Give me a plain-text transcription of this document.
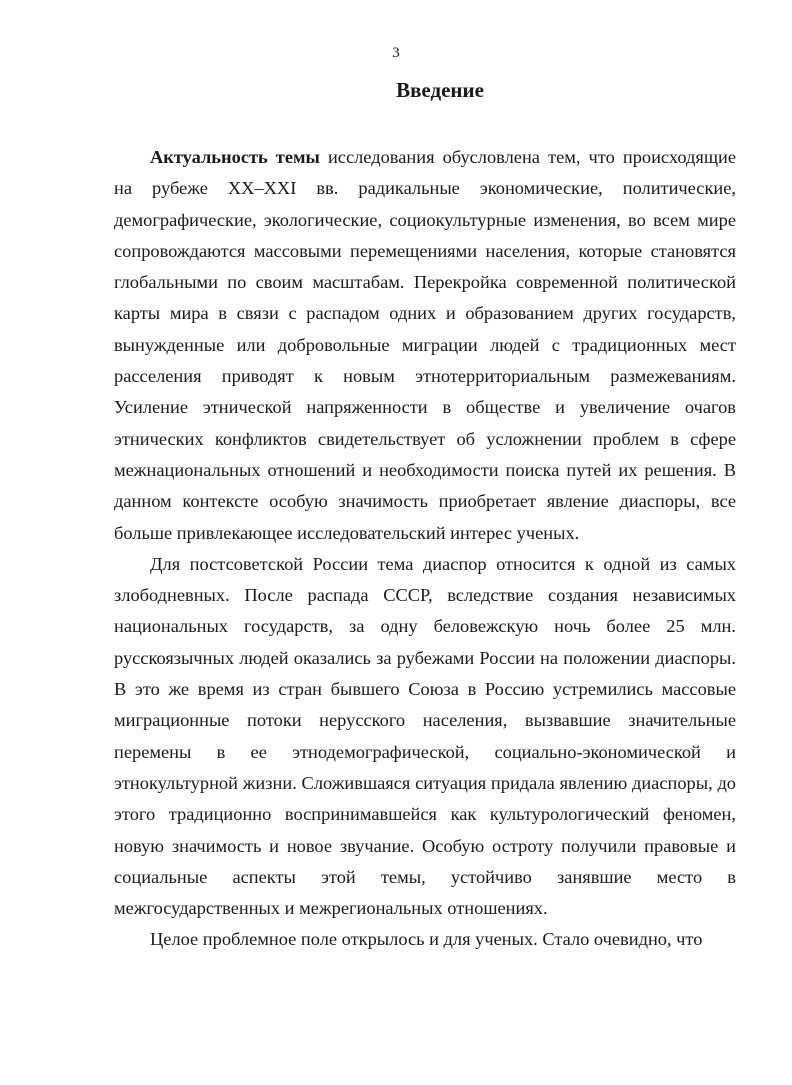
3
Введение

Актуальность темы исследования обусловлена тем, что происходящие на рубеже XX–XXI вв. радикальные экономические, политические, демографические, экологические, социокультурные изменения, во всем мире сопровождаются массовыми перемещениями населения, которые становятся глобальными по своим масштабам. Перекройка современной политической карты мира в связи с распадом одних и образованием других государств, вынужденные или добровольные миграции людей с традиционных мест расселения приводят к новым этнотерриториальным размежеваниям. Усиление этнической напряженности в обществе и увеличение очагов этнических конфликтов свидетельствует об усложнении проблем в сфере межнациональных отношений и необходимости поиска путей их решения. В данном контексте особую значимость приобретает явление диаспоры, все больше привлекающее исследовательский интерес ученых.

Для постсоветской России тема диаспор относится к одной из самых злободневных. После распада СССР, вследствие создания независимых национальных государств, за одну беловежскую ночь более 25 млн. русскоязычных людей оказались за рубежами России на положении диаспоры. В это же время из стран бывшего Союза в Россию устремились массовые миграционные потоки нерусского населения, вызвавшие значительные перемены в ее этнодемографической, социально-экономической и этнокультурной жизни. Сложившаяся ситуация придала явлению диаспоры, до этого традиционно воспринимавшейся как культурологический феномен, новую значимость и новое звучание. Особую остроту получили правовые и социальные аспекты этой темы, устойчиво занявшие место в межгосударственных и межрегиональных отношениях.

Целое проблемное поле открылось и для ученых. Стало очевидно, что
